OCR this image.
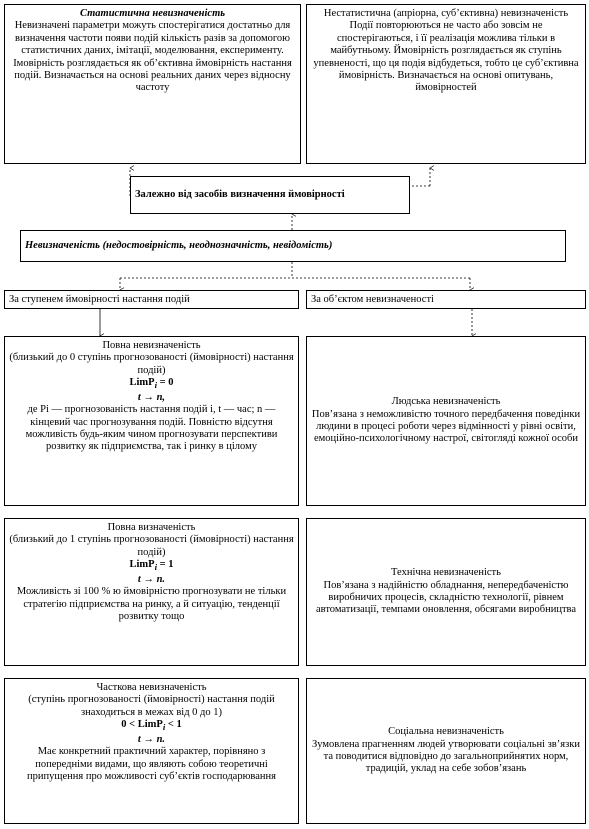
Статистична невизначеність
Невизначені параметри можуть спостерігатися достатньо для визначення частоти появи подій кількість разів за допомогою статистичних даних, імітації, моделювання, експерименту. Імовірність розглядається як об’єктивна ймовірність настання подій. Визначається на основі реальних даних через відносну частоту
Нестатистична (апріорна, суб’єктивна) невизначеність
Події повторюються не часто або зовсім не спостерігаються, і її реалізація можлива тільки в майбутньому. Ймовірність розглядається як ступінь упевненості, що ця подія відбудеться, тобто це суб’єктивна ймовірність. Визначається на основі опитувань, ймовірностей
Залежно від засобів визначення ймовірності
Невизначеність (недостовірність, неоднозначність, невідомість)
За ступенем ймовірності настання подій	За об’єктом невизначеності
Повна невизначеність
(близький до 0 ступінь прогнозованості (ймовірності) настання подій)
LimP$_i$ = 0
t → n,
де Pi — прогнозованість настання подій i, t — час; n — кінцевий час прогнозування подій. Повністю відсутня можливість будь-яким чином прогнозувати перспективи розвитку як підприємства, так і ринку в цілому
Повна визначеність
(близький до 1 ступінь прогнозованості (ймовірності) настання подій)
LimP$_i$ = 1
t → n.
Можливість зі 100 % ю ймовірністю прогнозувати не тільки стратегію підприємства на ринку, а й ситуацію, тенденції розвитку тощо
Часткова невизначеність
(ступінь прогнозованості (ймовірності) настання подій знаходиться в межах від 0 до 1)
0 < LimP$_i$ < 1
t → n.
Має конкретний практичний характер, порівняно з попередніми видами, що являють собою теоретичні припущення про можливості суб’єктів господарювання
Людська невизначеність
Пов’язана з неможливістю точного передбачення поведінки людини в процесі роботи через відмінності у рівні освіти, емоційно-психологічному настрої, світогляді кожної особи
Технічна невизначеність
Пов’язана з надійністю обладнання, непередбаченістю виробничих процесів, складністю технології, рівнем автоматизації, темпами оновлення, обсягами виробництва
Соціальна невизначеність
Зумовлена прагненням людей утворювати соціальні зв’язки та поводитися відповідно до загальноприйнятих норм, традицій, уклад на себе зобов’язань
